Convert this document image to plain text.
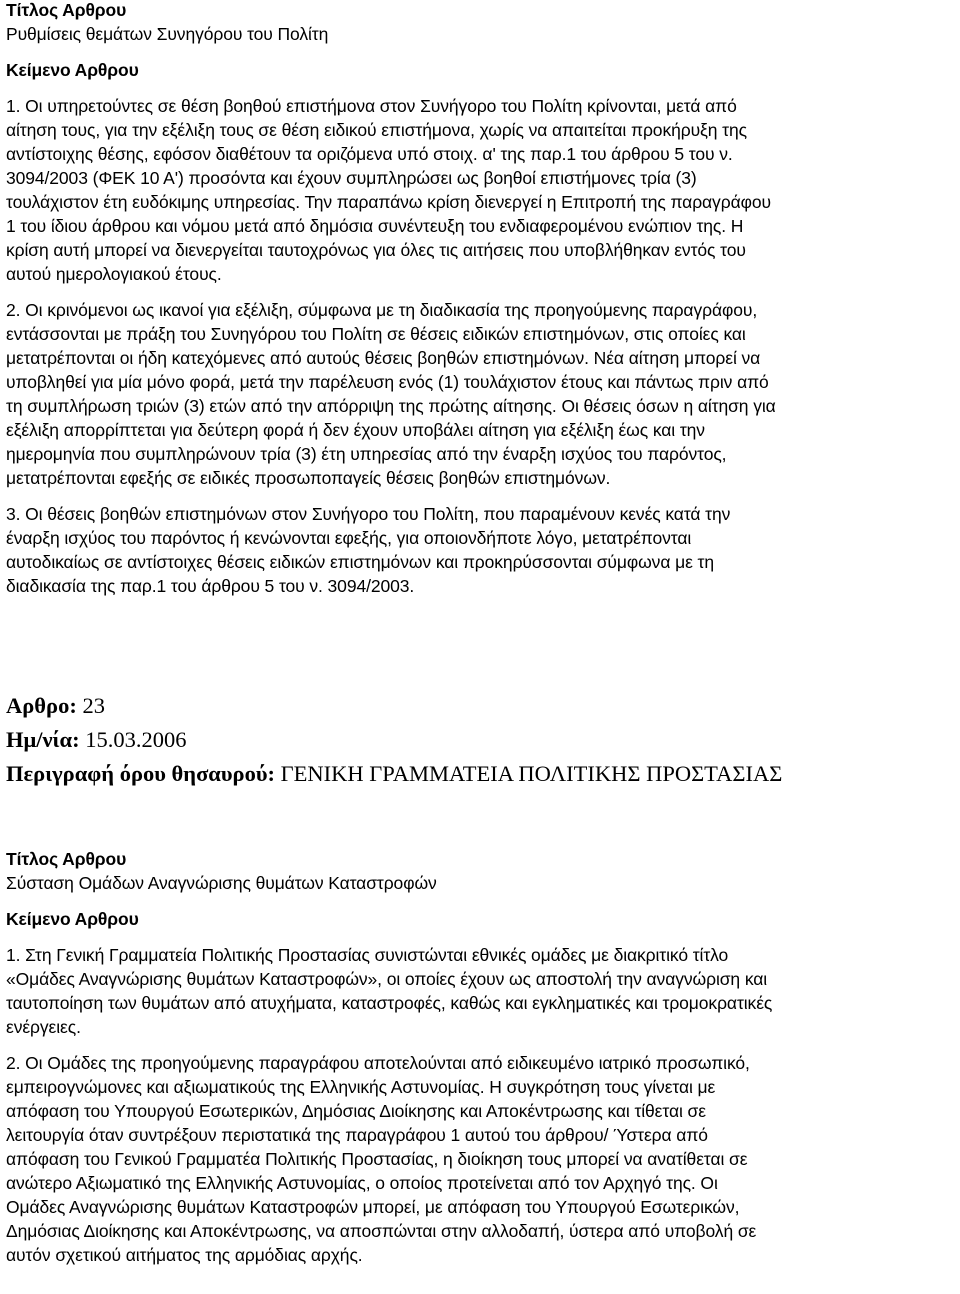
Τίτλος Αρθρου

Ρυθμίσεις θεμάτων Συνηγόρου του Πολίτη

Κείμενο Αρθρου

1. Οι υπηρετούντες σε θέση βοηθού επιστήμονα στον Συνήγορο του Πολίτη κρίνονται, μετά από

αίτηση τους, για την εξέλιξη τους σε θέση ειδικού επιστήμονα, χωρίς να απαιτείται προκήρυξη της

αντίστοιχης θέσης, εφόσον διαθέτουν τα οριζόμενα υπό στοιχ. α' της παρ.1 του άρθρου 5 του ν.

3094/2003 (ΦΕΚ 10 Α') προσόντα και έχουν συμπληρώσει ως βοηθοί επιστήμονες τρία (3)

τουλάχιστον έτη ευδόκιμης υπηρεσίας. Την παραπάνω κρίση διενεργεί η Επιτροπή της παραγράφου

1 του ίδιου άρθρου και νόμου μετά από δημόσια συνέντευξη του ενδιαφερομένου ενώπιον της. Η

κρίση αυτή μπορεί να διενεργείται ταυτοχρόνως για όλες τις αιτήσεις που υποβλήθηκαν εντός του

αυτού ημερολογιακού έτους.

2. Οι κρινόμενοι ως ικανοί για εξέλιξη, σύμφωνα με τη διαδικασία της προηγούμενης παραγράφου,

εντάσσονται με πράξη του Συνηγόρου του Πολίτη σε θέσεις ειδικών επιστημόνων, στις οποίες και

μετατρέπονται οι ήδη κατεχόμενες από αυτούς θέσεις βοηθών επιστημόνων. Νέα αίτηση μπορεί να

υποβληθεί για μία μόνο φορά, μετά την παρέλευση ενός (1) τουλάχιστον έτους και πάντως πριν από

τη συμπλήρωση τριών (3) ετών από την απόρριψη της πρώτης αίτησης. Οι θέσεις όσων η αίτηση για

εξέλιξη απορρίπτεται για δεύτερη φορά ή δεν έχουν υποβάλει αίτηση για εξέλιξη έως και την

ημερομηνία που συμπληρώνουν τρία (3) έτη υπηρεσίας από την έναρξη ισχύος του παρόντος,

μετατρέπονται εφεξής σε ειδικές προσωποπαγείς θέσεις βοηθών επιστημόνων.

3. Οι θέσεις βοηθών επιστημόνων στον Συνήγορο του Πολίτη, που παραμένουν κενές κατά την

έναρξη ισχύος του παρόντος ή κενώνονται εφεξής, για οποιονδήποτε λόγο, μετατρέπονται

αυτοδικαίως σε αντίστοιχες θέσεις ειδικών επιστημόνων και προκηρύσσονται σύμφωνα με τη

διαδικασία της παρ.1 του άρθρου 5 του ν. 3094/2003.

Αρθρο: 23

Ημ/νία: 15.03.2006

Περιγραφή όρου θησαυρού: ΓΕΝΙΚΗ ΓΡΑΜΜΑΤΕΙΑ ΠΟΛΙΤΙΚΗΣ ΠΡΟΣΤΑΣΙΑΣ

Τίτλος Αρθρου

Σύσταση Ομάδων Αναγνώρισης θυμάτων Καταστροφών

Κείμενο Αρθρου

1. Στη Γενική Γραμματεία Πολιτικής Προστασίας συνιστώνται εθνικές ομάδες με διακριτικό τίτλο

«Ομάδες Αναγνώρισης θυμάτων Καταστροφών», οι οποίες έχουν ως αποστολή την αναγνώριση και

ταυτοποίηση των θυμάτων από ατυχήματα, καταστροφές, καθώς και εγκληματικές και τρομοκρατικές

ενέργειες.

2. Οι Ομάδες της προηγούμενης παραγράφου αποτελούνται από ειδικευμένο ιατρικό προσωπικό,

εμπειρογνώμονες και αξιωματικούς της Ελληνικής Αστυνομίας. Η συγκρότηση τους γίνεται με

απόφαση του Υπουργού Εσωτερικών, Δημόσιας Διοίκησης και Αποκέντρωσης και τίθεται σε

λειτουργία όταν συντρέξουν περιστατικά της παραγράφου 1 αυτού του άρθρου/ Ύστερα από

απόφαση του Γενικού Γραμματέα Πολιτικής Προστασίας, η διοίκηση τους μπορεί να ανατίθεται σε

ανώτερο Αξιωματικό της Ελληνικής Αστυνομίας, ο οποίος προτείνεται από τον Αρχηγό της. Οι

Ομάδες Αναγνώρισης θυμάτων Καταστροφών μπορεί, με απόφαση του Υπουργού Εσωτερικών,

Δημόσιας Διοίκησης και Αποκέντρωσης, να αποσπώνται στην αλλοδαπή, ύστερα από υποβολή σε

αυτόν σχετικού αιτήματος της αρμόδιας αρχής.
